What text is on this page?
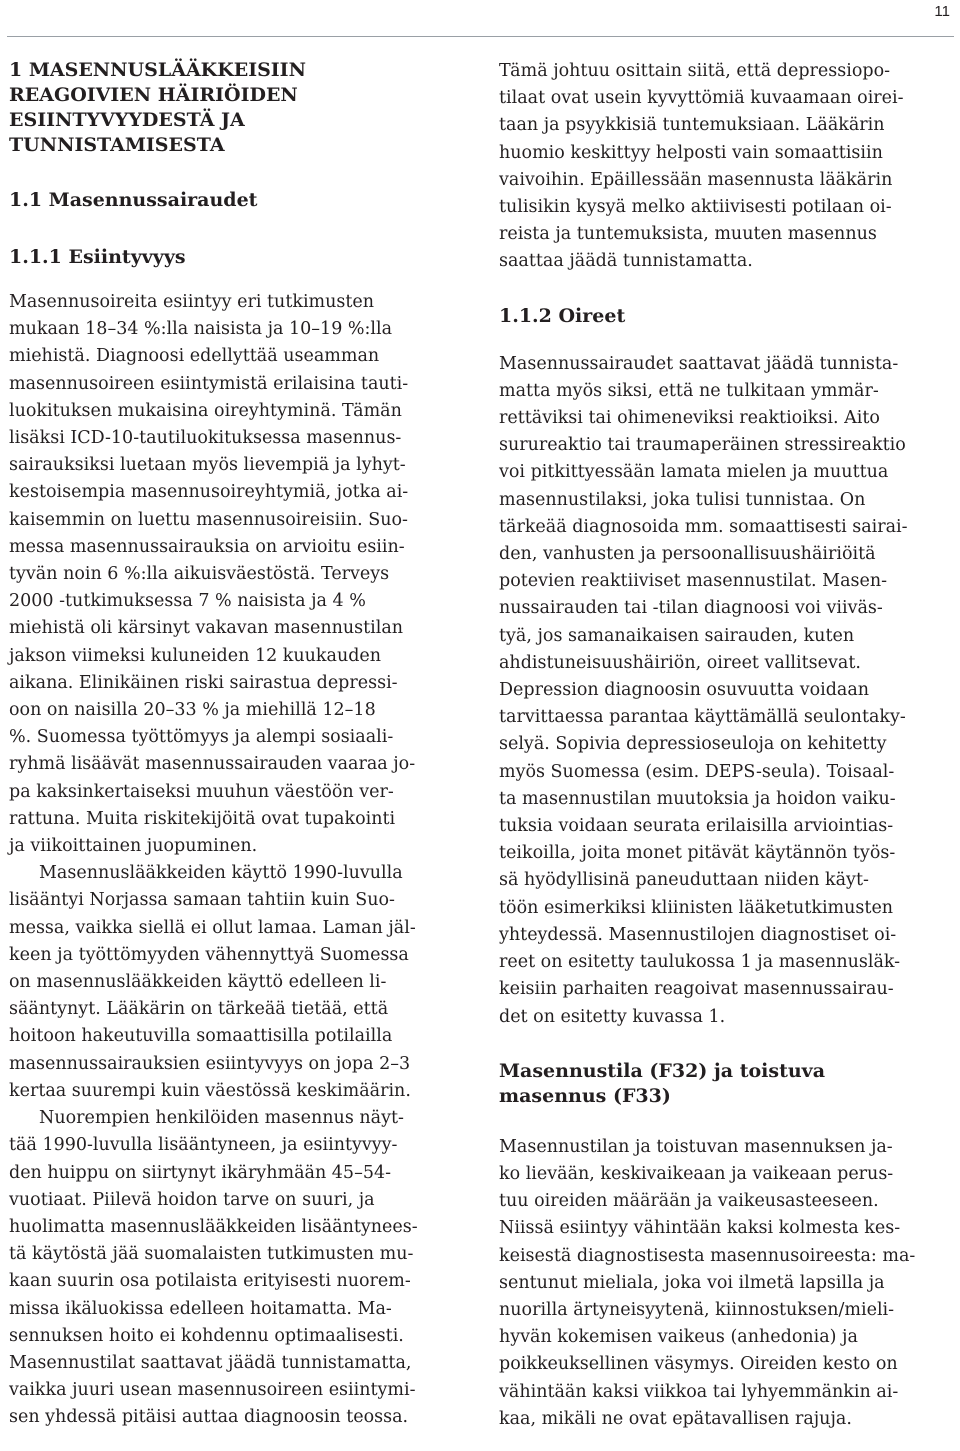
11
1 MASENNUSLÄÄKKEISIIN
REAGOIVIEN HÄIRIÖIDEN
ESIINTYVYYDESTÄ JA
TUNNISTAMISESTA
1.1 Masennussairaudet
1.1.1 Esiintyvyys

Masennusoireita esiintyy eri tutkimusten
mukaan 18–34 %:lla naisista ja 10–19 %:lla
miehistä. Diagnoosi edellyttää useamman
masennusoireen esiintymistä erilaisina tauti-
luokituksen mukaisina oireyhtyminä. Tämän
lisäksi ICD-10-tautiluokituksessa masennus-
sairauksiksi luetaan myös lievempiä ja lyhyt-
kestoisempia masennusoireyhtymiä, jotka ai-
kaisemmin on luettu masennusoireisiin. Suo-
messa masennussairauksia on arvioitu esiin-
tyvän noin 6 %:lla aikuisväestöstä. Terveys
2000 -tutkimuksessa 7 % naisista ja 4 %
miehistä oli kärsinyt vakavan masennustilan
jakson viimeksi kuluneiden 12 kuukauden
aikana. Elinikäinen riski sairastua depressi-
oon on naisilla 20–33 % ja miehillä 12–18
%. Suomessa työttömyys ja alempi sosiaali-
ryhmä lisäävät masennussairauden vaaraa jo-
pa kaksinkertaiseksi muuhun väestöön ver-
rattuna. Muita riskitekijöitä ovat tupakointi
ja viikoittainen juopuminen.

Masennuslääkkeiden käyttö 1990-luvulla
lisääntyi Norjassa samaan tahtiin kuin Suo-
messa, vaikka siellä ei ollut lamaa. Laman jäl-
keen ja työttömyyden vähennyttyä Suomessa
on masennuslääkkeiden käyttö edelleen li-
sääntynyt. Lääkärin on tärkeää tietää, että
hoitoon hakeutuvilla somaattisilla potilailla
masennussairauksien esiintyvyys on jopa 2–3
kertaa suurempi kuin väestössä keskimäärin.

Nuorempien henkilöiden masennus näyt-
tää 1990-luvulla lisääntyneen, ja esiintyvyy-
den huippu on siirtynyt ikäryhmään 45–54-
vuotiaat. Piilevä hoidon tarve on suuri, ja
huolimatta masennuslääkkeiden lisääntynees-
tä käytöstä jää suomalaisten tutkimusten mu-
kaan suurin osa potilaista erityisesti nuorem-
missa ikäluokissa edelleen hoitamatta. Ma-
sennuksen hoito ei kohdennu optimaalisesti.
Masennustilat saattavat jäädä tunnistamatta,
vaikka juuri usean masennusoireen esiintymi-
sen yhdessä pitäisi auttaa diagnoosin teossa.

Tämä johtuu osittain siitä, että depressiopo-
tilaat ovat usein kyvyttömiä kuvaamaan oirei-
taan ja psyykkisiä tuntemuksiaan. Lääkärin
huomio keskittyy helposti vain somaattisiin
vaivoihin. Epäillessään masennusta lääkärin
tulisikin kysyä melko aktiivisesti potilaan oi-
reista ja tuntemuksista, muuten masennus
saattaa jäädä tunnistamatta.

1.1.2 Oireet

Masennussairaudet saattavat jäädä tunnista-
matta myös siksi, että ne tulkitaan ymmär-
rettäviksi tai ohimeneviksi reaktioiksi. Aito
surureaktio tai traumaperäinen stressireaktio
voi pitkittyessään lamata mielen ja muuttua
masennustilaksi, joka tulisi tunnistaa. On
tärkeää diagnosoida mm. somaattisesti sairai-
den, vanhusten ja persoonallisuushäiriöitä
potevien reaktiiviset masennustilat. Masen-
nussairauden tai -tilan diagnoosi voi viiväs-
tyä, jos samanaikaisen sairauden, kuten
ahdistuneisuushäiriön, oireet vallitsevat.
Depression diagnoosin osuvuutta voidaan
tarvittaessa parantaa käyttämällä seulontaky-
selyä. Sopivia depressioseuloja on kehitetty
myös Suomessa (esim. DEPS-seula). Toisaal-
ta masennustilan muutoksia ja hoidon vaiku-
tuksia voidaan seurata erilaisilla arviointias-
teikoilla, joita monet pitävät käytännön työs-
sä hyödyllisinä paneuduttaan niiden käyt-
töön esimerkiksi kliinisten lääketutkimusten
yhteydessä. Masennustilojen diagnostiset oi-
reet on esitetty taulukossa 1 ja masennusläk-
keisiin parhaiten reagoivat masennussairau-
det on esitetty kuvassa 1.

Masennustila (F32) ja toistuva
masennus (F33)

Masennustilan ja toistuvan masennuksen ja-
ko lievään, keskivaikeaan ja vaikeaan perus-
tuu oireiden määrään ja vaikeusasteeseen.
Niissä esiintyy vähintään kaksi kolmesta kes-
keisestä diagnostisesta masennusoireesta: ma-
sentunut mieliala, joka voi ilmetä lapsilla ja
nuorilla ärtyneisyytenä, kiinnostuksen/mieli-
hyvän kokemisen vaikeus (anhedonia) ja
poikkeuksellinen väsymys. Oireiden kesto on
vähintään kaksi viikkoa tai lyhyemmänkin ai-
kaa, mikäli ne ovat epätavallisen rajuja.
